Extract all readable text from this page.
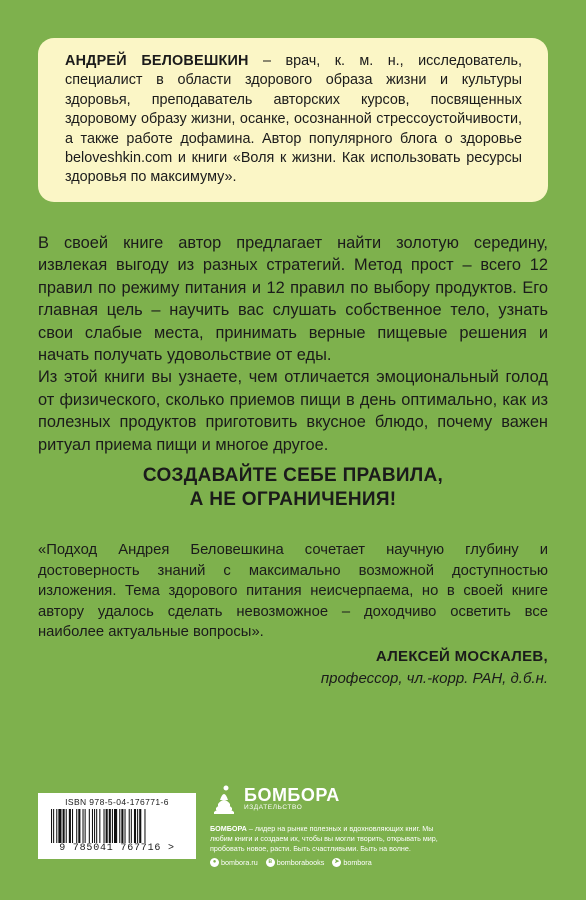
АНДРЕЙ БЕЛОВЕШКИН – врач, к. м. н., исследователь, специалист в области здорового образа жизни и культуры здоровья, преподаватель авторских курсов, посвященных здоровому образу жизни, осанке, осознанной стрессоустойчивости, а также работе дофамина. Автор популярного блога о здоровье beloveshkin.com и книги «Воля к жизни. Как использовать ресурсы здоровья по максимуму».

В своей книге автор предлагает найти золотую середину, извлекая выгоду из разных стратегий. Метод прост – всего 12 правил по режиму питания и 12 правил по выбору продуктов. Его главная цель – научить вас слушать собственное тело, узнать свои слабые места, принимать верные пищевые решения и начать получать удовольствие от еды.

Из этой книги вы узнаете, чем отличается эмоциональный голод от физического, сколько приемов пищи в день оптимально, как из полезных продуктов приготовить вкусное блюдо, почему важен ритуал приема пищи и многое другое.

СОЗДАВАЙТЕ СЕБЕ ПРАВИЛА,
А НЕ ОГРАНИЧЕНИЯ!
«Подход Андрея Беловешкина сочетает научную глубину и достоверность знаний с максимально возможной доступностью изложения. Тема здорового питания неисчерпаема, но в своей книге автору удалось сделать невозможное – доходчиво осветить все наиболее актуальные вопросы».
АЛЕКСЕЙ МОСКАЛЕВ,
профессор, чл.-корр. РАН, д.б.н.
ISBN 978-5-04-176771-6
9 785041 767716 >
БОМБОРА
ИЗДАТЕЛЬСТВО
БОМБОРА – лидер на рынке полезных и вдохновляющих книг. Мы любим книги и создаем их, чтобы вы могли творить, открывать мир, пробовать новое, расти. Быть счастливыми. Быть на волне.
● bombora.ru	в bomborabooks	➤ bombora
